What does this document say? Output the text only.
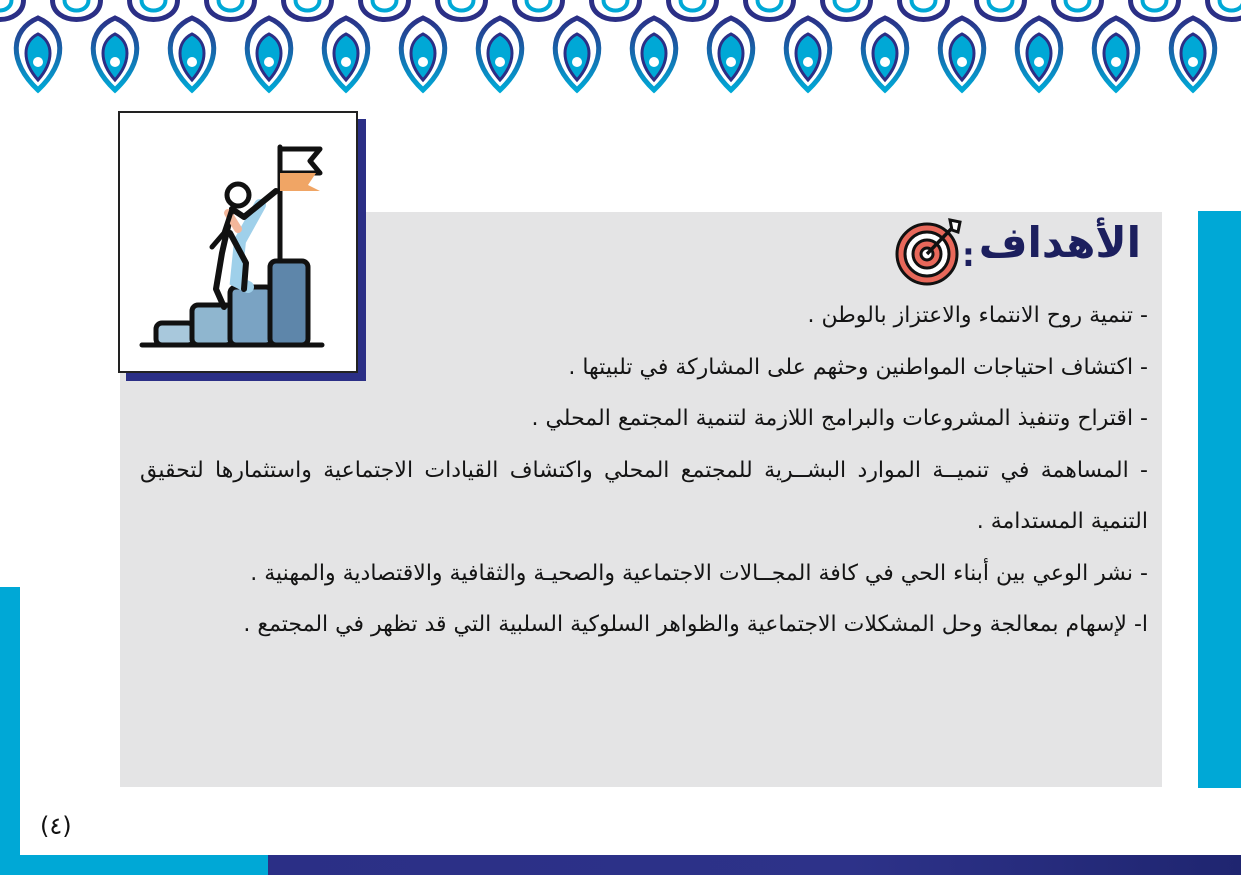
الأهداف
:

- تنمية روح الانتماء والاعتزاز بالوطن .

- اكتشاف احتياجات المواطنين وحثهم على المشاركة في تلبيتها .

- اقتراح وتنفيذ المشروعات والبرامج اللازمة لتنمية المجتمع المحلي .

- المساهمة في تنميــة الموارد البشــرية للمجتمع المحلي واكتشاف القيادات الاجتماعية واستثمارها لتحقيق التنمية المستدامة .

- نشر الوعي بين أبناء الحي في كافة المجــالات الاجتماعية والصحيـة والثقافية والاقتصادية والمهنية .

ا- لإسهام بمعالجة وحل المشكلات الاجتماعية والظواهر السلوكية السلبية التي قد تظهر في المجتمع .

(٤)
